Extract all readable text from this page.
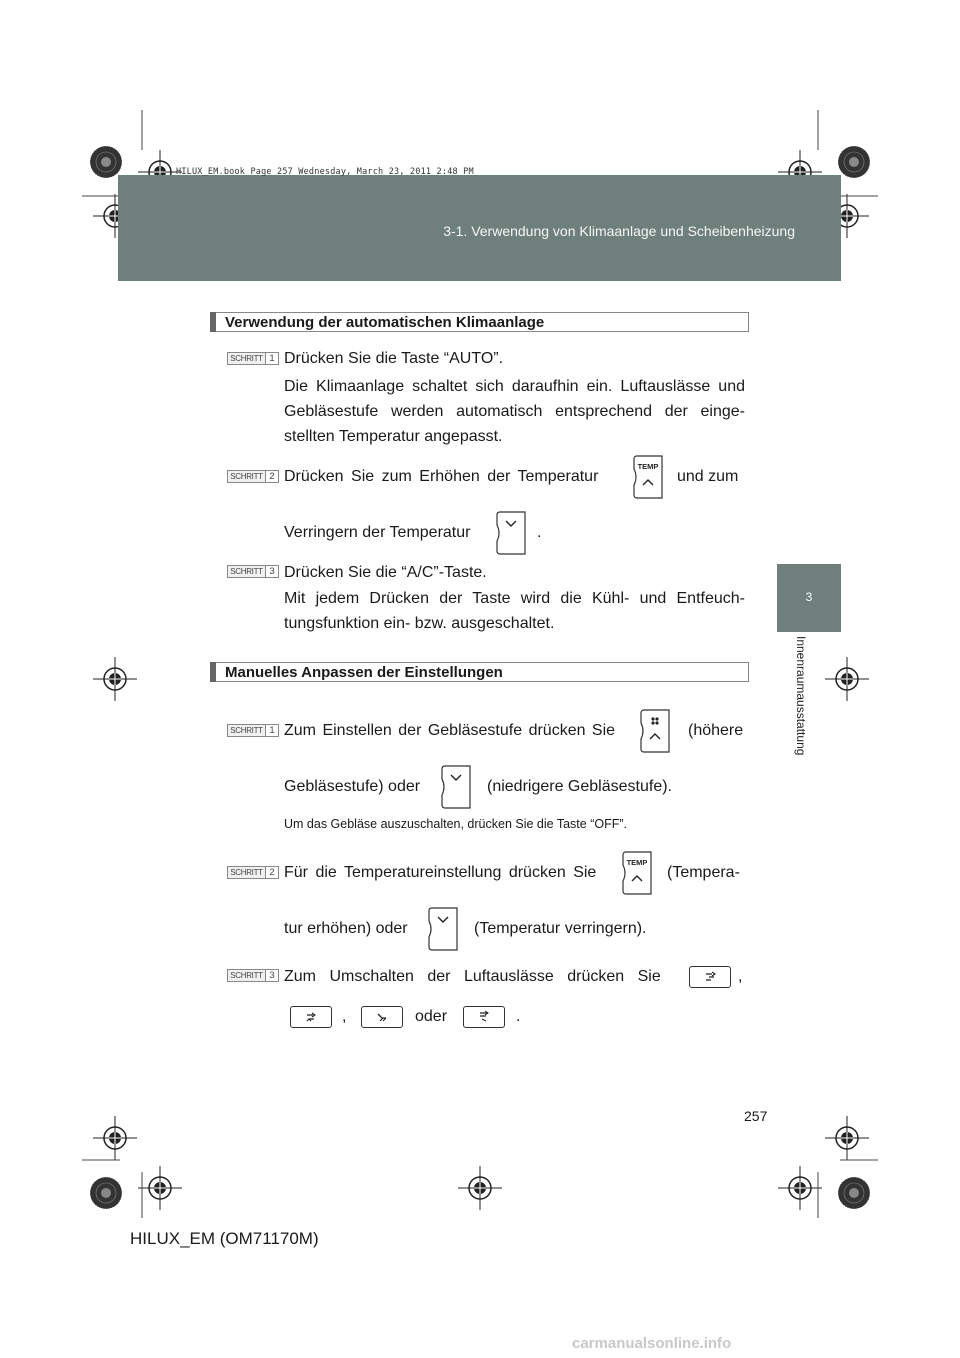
3-1. Verwendung von Klimaanlage und Scheibenheizung
HILUX_EM.book Page 257 Wednesday, March 23, 2011 2:48 PM
3
Innenraumausstattung
Verwendung der automatischen Klimaanlage
SCHRITT 1 Drücken Sie die Taste “AUTO”.
Die Klimaanlage schaltet sich daraufhin ein. Luftauslässe und Gebläsestufe werden automatisch entsprechend der einge-stellten Temperatur angepasst.
SCHRITT 2 Drücken Sie zum Erhöhen der Temperatur
TEMP
und zum
Verringern der Temperatur	.
SCHRITT 3 Drücken Sie die “A/C”-Taste.
Mit jedem Drücken der Taste wird die Kühl- und Entfeuch-tungsfunktion ein- bzw. ausgeschaltet.
Manuelles Anpassen der Einstellungen
SCHRITT 1 Zum Einstellen der Gebläsestufe drücken Sie	(höhere
Gebläsestufe) oder	(niedrigere Gebläsestufe).
Um das Gebläse auszuschalten, drücken Sie die Taste “OFF”.
SCHRITT 2 Für die Temperatureinstellung drücken Sie
TEMP
(Tempera-
tur erhöhen) oder	(Temperatur verringern).
SCHRITT 3 Zum Umschalten der Luftauslässe drücken Sie	,
,	oder	.
257
HILUX_EM (OM71170M)
carmanualsonline.info
